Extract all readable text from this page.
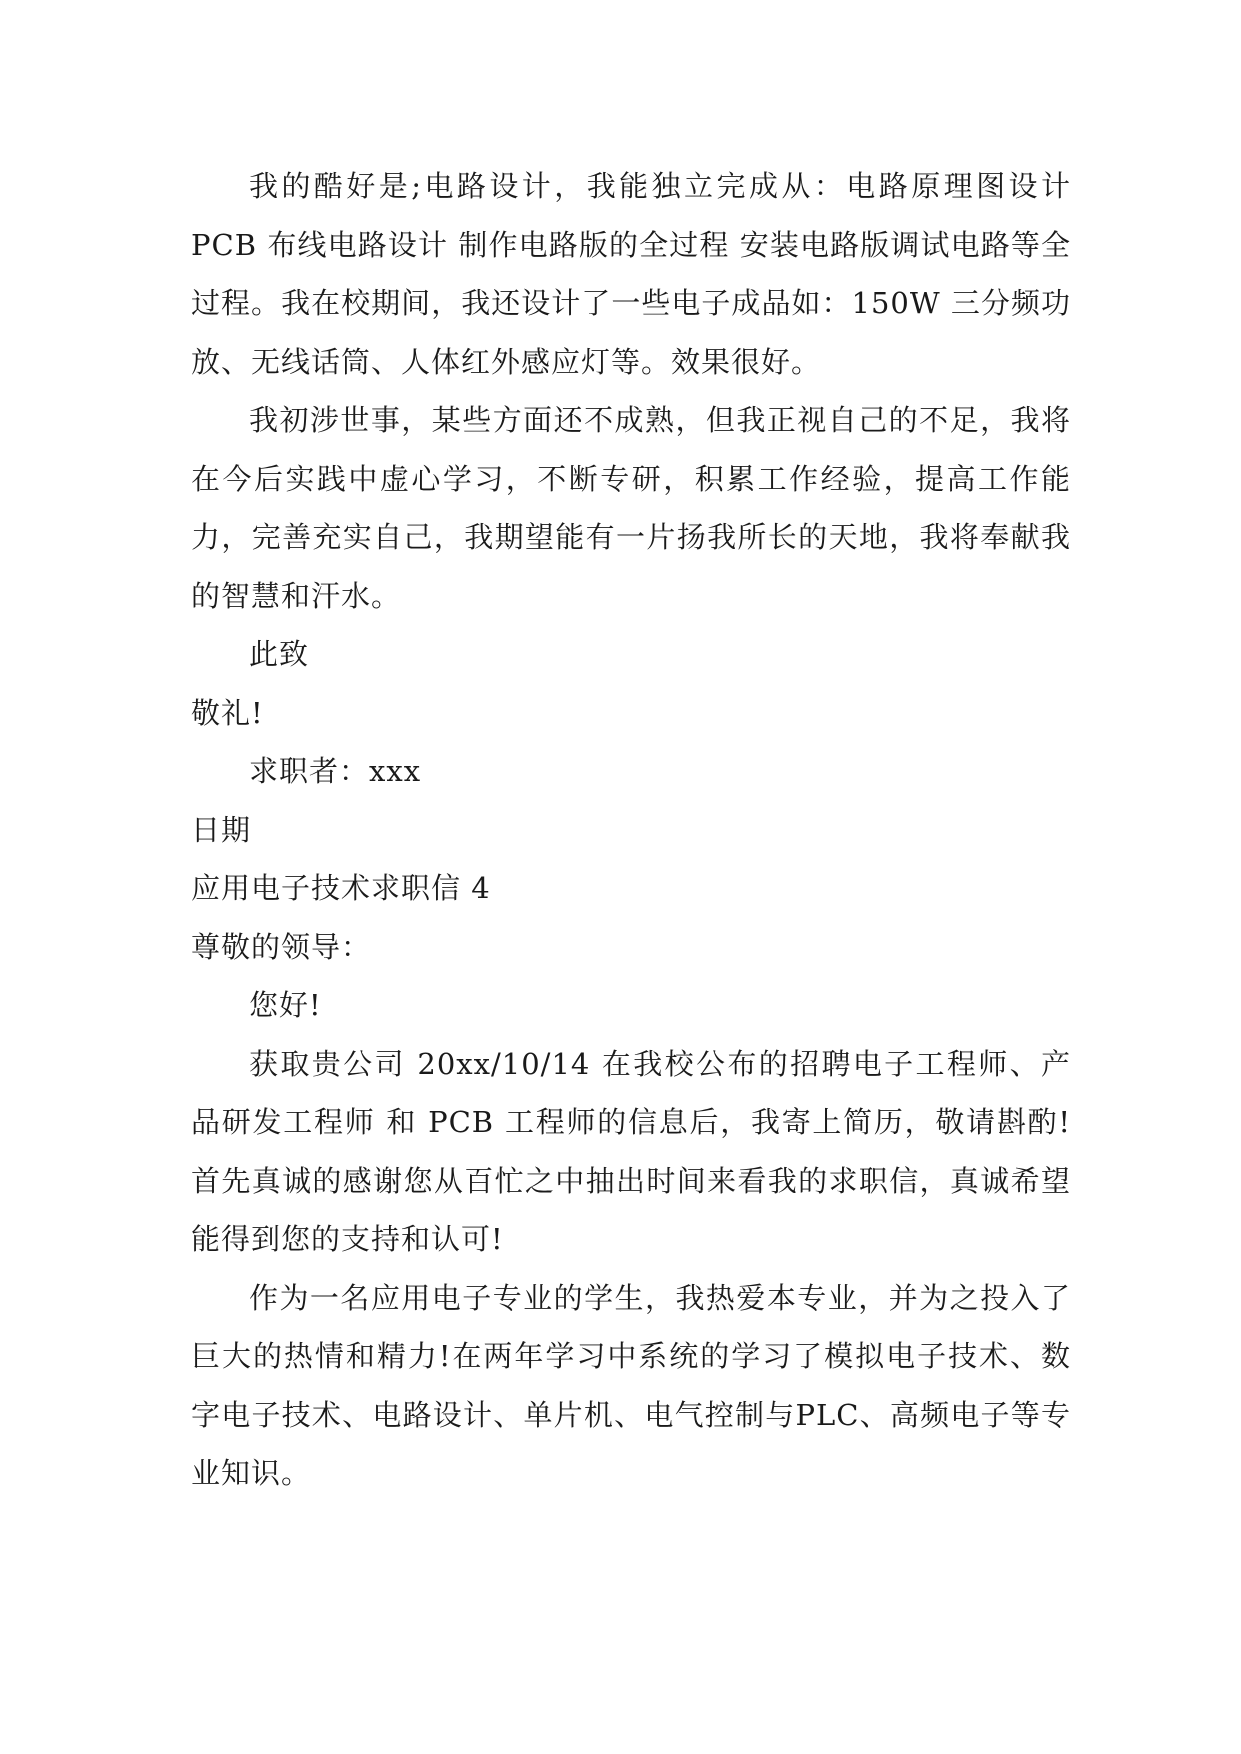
我的酷好是;电路设计，我能独立完成从：电路原理图设计 PCB 布线电路设计 制作电路版的全过程 安装电路版调试电路等全过程。我在校期间，我还设计了一些电子成品如：150W 三分频功放、无线话筒、人体红外感应灯等。效果很好。

我初涉世事，某些方面还不成熟，但我正视自己的不足，我将在今后实践中虚心学习，不断专研，积累工作经验，提高工作能力，完善充实自己，我期望能有一片扬我所长的天地，我将奉献我的智慧和汗水。

此致

敬礼!

求职者：xxx

日期

应用电子技术求职信 4

尊敬的领导：

您好!

获取贵公司 20xx/10/14 在我校公布的招聘电子工程师、产品研发工程师 和 PCB 工程师的信息后，我寄上简历，敬请斟酌!首先真诚的感谢您从百忙之中抽出时间来看我的求职信，真诚希望能得到您的支持和认可!

作为一名应用电子专业的学生，我热爱本专业，并为之投入了巨大的热情和精力!在两年学习中系统的学习了模拟电子技术、数字电子技术、电路设计、单片机、电气控制与PLC、高频电子等专业知识。
